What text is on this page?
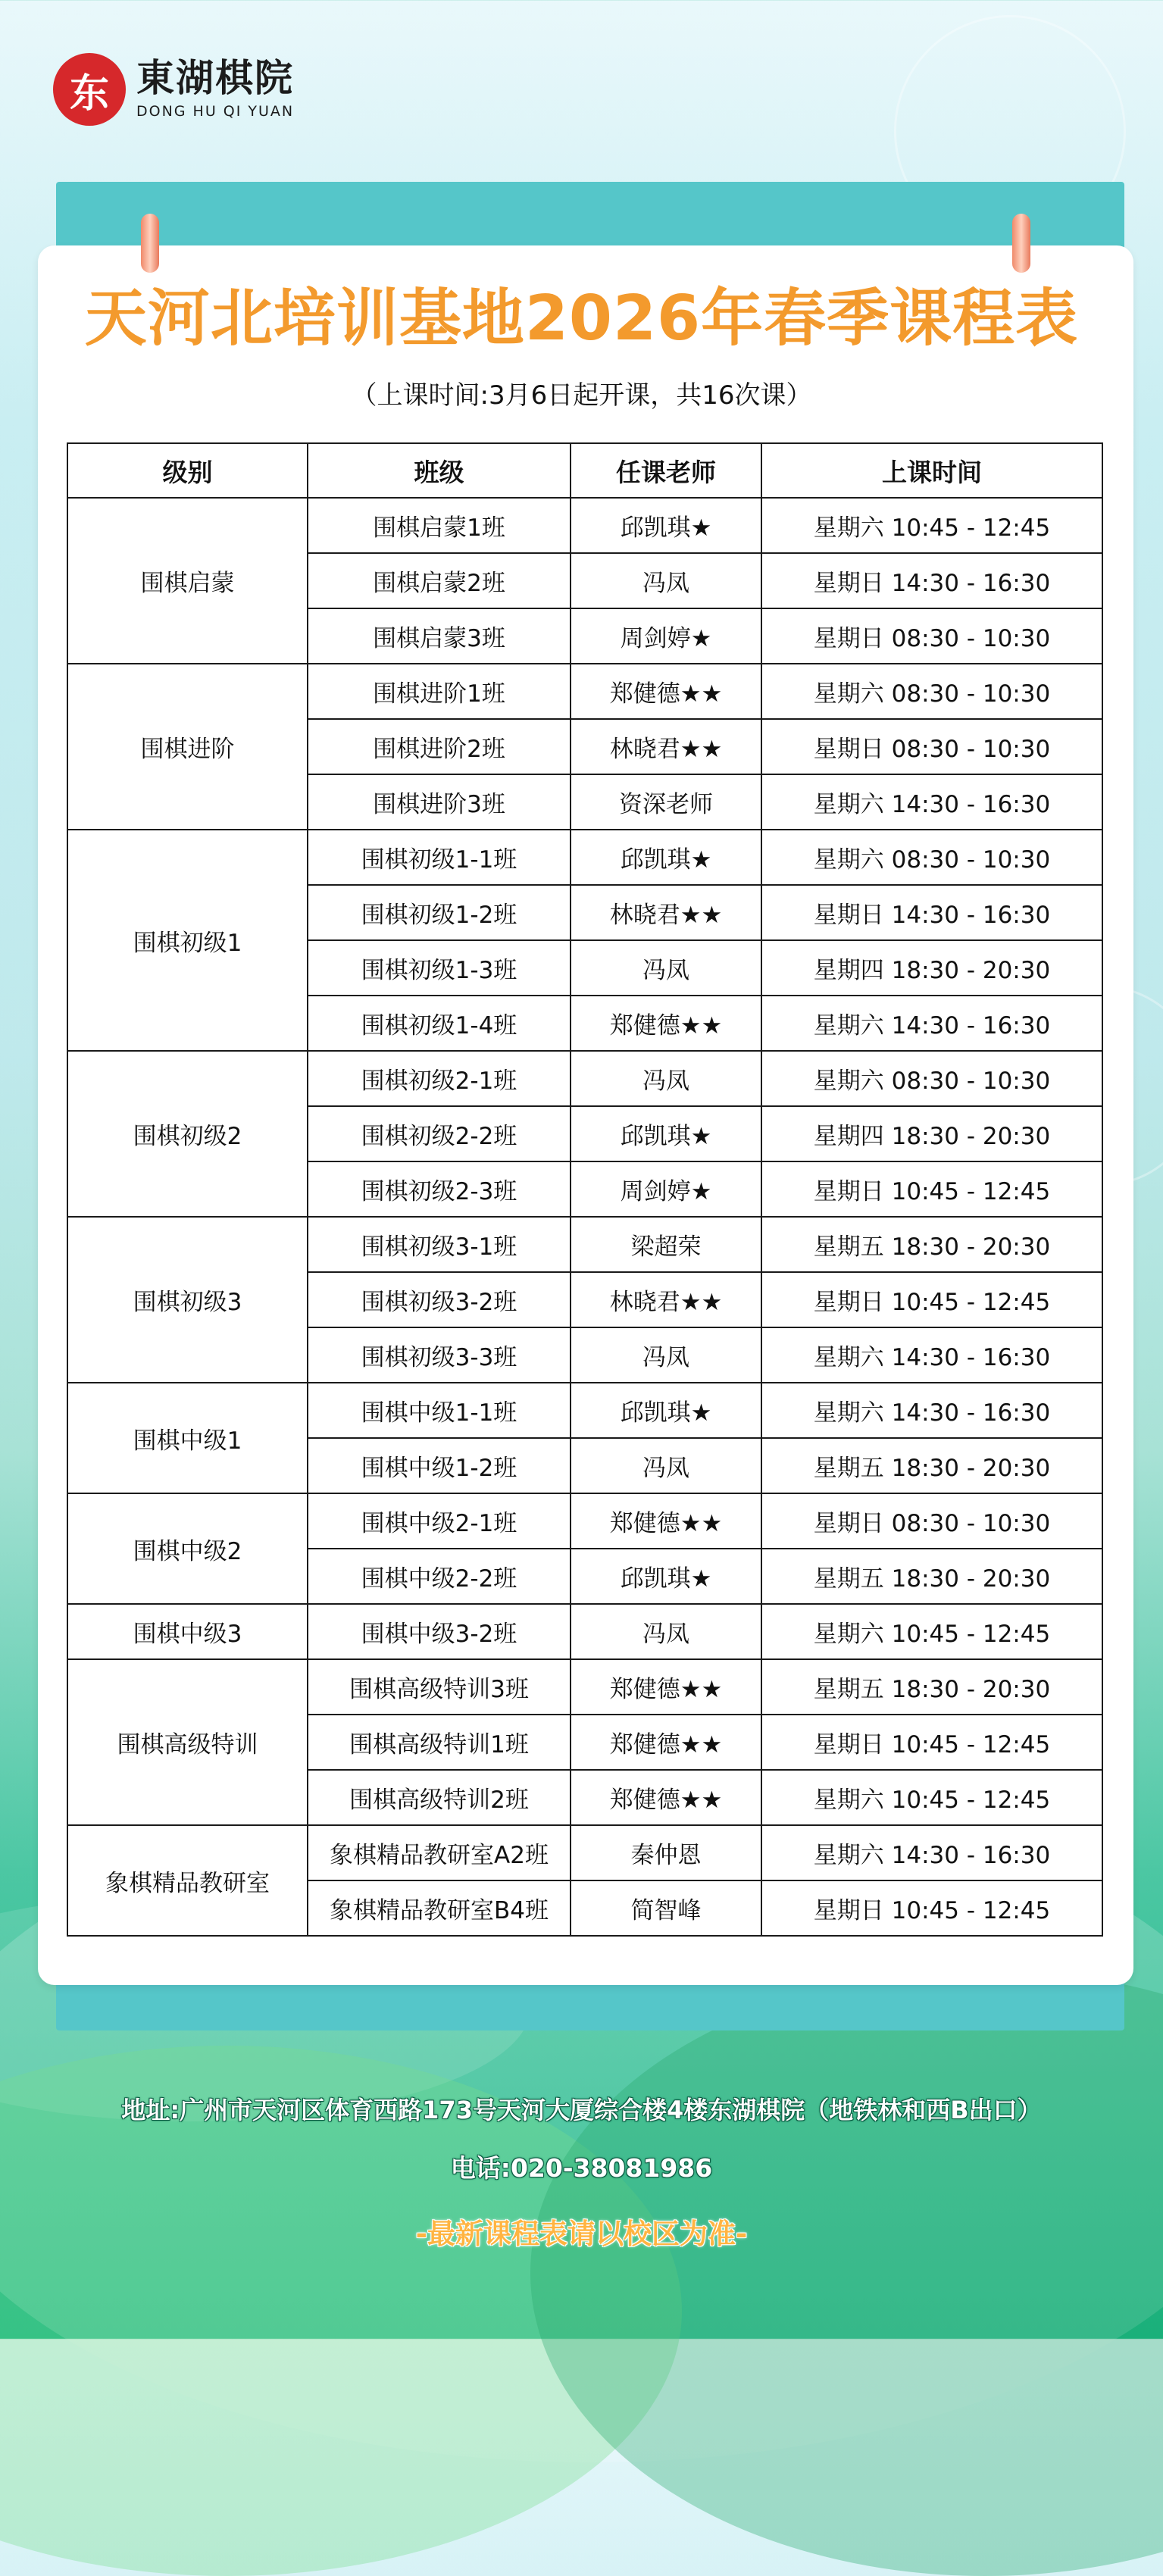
东 東湖棋院
DONG HU QI YUAN
天河北培训基地2026年春季课程表
（上课时间:3月6日起开课，共16次课）
级别	班级	任课老师	上课时间
围棋启蒙	围棋启蒙1班	邱凯琪★	星期六 10:45 - 12:45
	围棋启蒙2班	冯凤	星期日 14:30 - 16:30
	围棋启蒙3班	周剑婷★	星期日 08:30 - 10:30
围棋进阶	围棋进阶1班	郑健德★★	星期六 08:30 - 10:30
	围棋进阶2班	林晓君★★	星期日 08:30 - 10:30
	围棋进阶3班	资深老师	星期六 14:30 - 16:30
围棋初级1	围棋初级1-1班	邱凯琪★	星期六 08:30 - 10:30
	围棋初级1-2班	林晓君★★	星期日 14:30 - 16:30
	围棋初级1-3班	冯凤	星期四 18:30 - 20:30
	围棋初级1-4班	郑健德★★	星期六 14:30 - 16:30
围棋初级2	围棋初级2-1班	冯凤	星期六 08:30 - 10:30
	围棋初级2-2班	邱凯琪★	星期四 18:30 - 20:30
	围棋初级2-3班	周剑婷★	星期日 10:45 - 12:45
围棋初级3	围棋初级3-1班	梁超荣	星期五 18:30 - 20:30
	围棋初级3-2班	林晓君★★	星期日 10:45 - 12:45
	围棋初级3-3班	冯凤	星期六 14:30 - 16:30
围棋中级1	围棋中级1-1班	邱凯琪★	星期六 14:30 - 16:30
	围棋中级1-2班	冯凤	星期五 18:30 - 20:30
围棋中级2	围棋中级2-1班	郑健德★★	星期日 08:30 - 10:30
	围棋中级2-2班	邱凯琪★	星期五 18:30 - 20:30
围棋中级3	围棋中级3-2班	冯凤	星期六 10:45 - 12:45
围棋高级特训	围棋高级特训3班	郑健德★★	星期五 18:30 - 20:30
	围棋高级特训1班	郑健德★★	星期日 10:45 - 12:45
	围棋高级特训2班	郑健德★★	星期六 10:45 - 12:45
象棋精品教研室	象棋精品教研室A2班	秦仲恩	星期六 14:30 - 16:30
	象棋精品教研室B4班	简智峰	星期日 10:45 - 12:45
地址:广州市天河区体育西路173号天河大厦综合楼4楼东湖棋院（地铁林和西B出口）
电话:020-38081986
-最新课程表请以校区为准-
